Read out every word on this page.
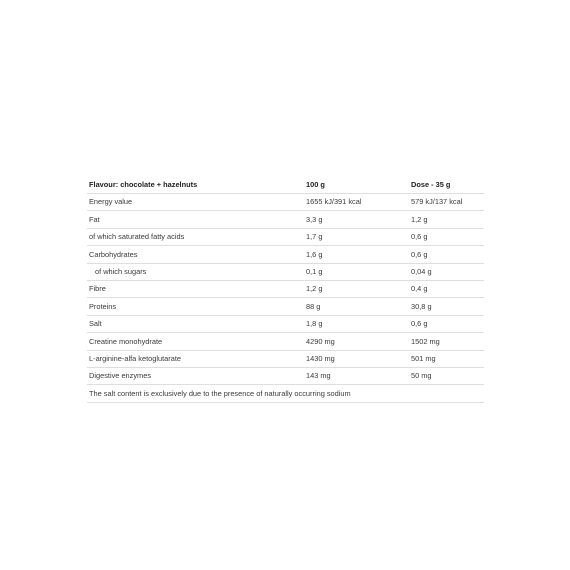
Flavour: chocolate + hazelnuts	100 g	Dose - 35 g
Energy value	1655 kJ/391 kcal	579 kJ/137 kcal
Fat	3,3 g	1,2 g
of which saturated fatty acids	1,7 g	0,6 g
Carbohydrates	1,6 g	0,6 g
of which sugars	0,1 g	0,04 g
Fibre	1,2 g	0,4 g
Proteins	88 g	30,8 g
Salt	1,8 g	0,6 g
Creatine monohydrate	4290 mg	1502 mg
L-arginine-alfa ketoglutarate	1430 mg	501 mg
Digestive enzymes	143 mg	50 mg
The salt content is exclusively due to the presence of naturally occurring sodium		
